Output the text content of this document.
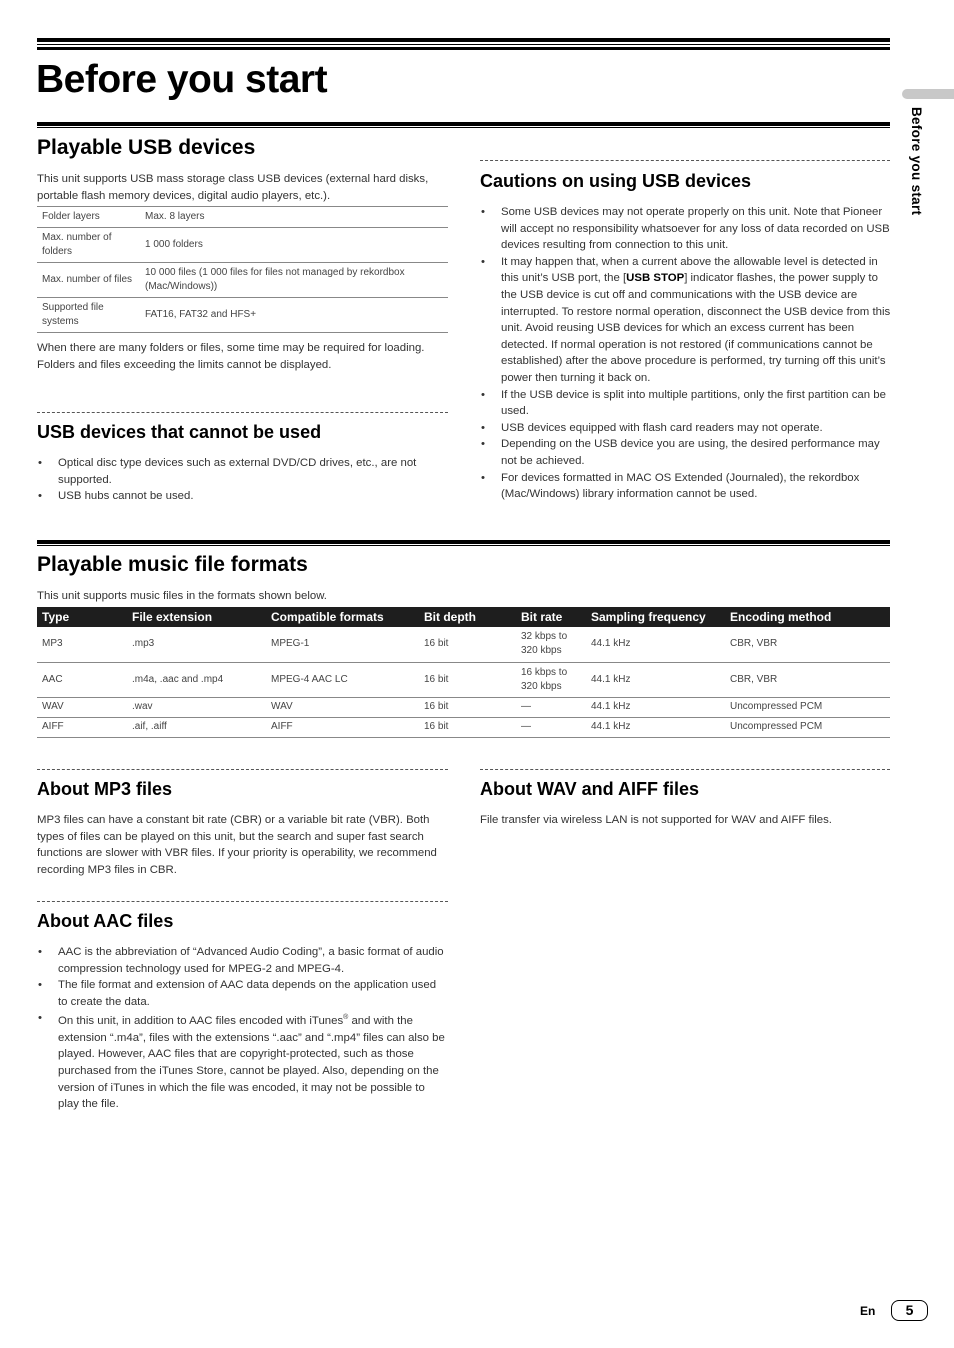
Before you start
Before you start
Playable USB devices

This unit supports USB mass storage class USB devices (external hard disks, portable flash memory devices, digital audio players, etc.).

Folder layers	Max. 8 layers
Max. number of folders	1 000 folders
Max. number of files	10 000 files (1 000 files for files not managed by rekordbox (Mac/Windows))
Supported file systems	FAT16, FAT32 and HFS+

When there are many folders or files, some time may be required for loading.

Folders and files exceeding the limits cannot be displayed.

USB devices that cannot be used
• Optical disc type devices such as external DVD/CD drives, etc., are not supported.
• USB hubs cannot be used.
Cautions on using USB devices
• Some USB devices may not operate properly on this unit. Note that Pioneer will accept no responsibility whatsoever for any loss of data recorded on USB devices resulting from connection to this unit.
• It may happen that, when a current above the allowable level is detected in this unit’s USB port, the [USB STOP] indicator flashes, the power supply to the USB device is cut off and communications with the USB device are interrupted. To restore normal operation, disconnect the USB device from this unit. Avoid reusing USB devices for which an excess current has been detected. If normal operation is not restored (if communications cannot be established) after the above procedure is performed, try turning off this unit’s power then turning it back on.
• If the USB device is split into multiple partitions, only the first partition can be used.
• USB devices equipped with flash card readers may not operate.
• Depending on the USB device you are using, the desired performance may not be achieved.
• For devices formatted in MAC OS Extended (Journaled), the rekordbox (Mac/Windows) library information cannot be used.
Playable music file formats

This unit supports music files in the formats shown below.

Type	File extension	Compatible formats	Bit depth	Bit rate	Sampling frequency	Encoding method
MP3	.mp3	MPEG-1	16 bit	32 kbps to 320 kbps	44.1 kHz	CBR, VBR
AAC	.m4a, .aac and .mp4	MPEG-4 AAC LC	16 bit	16 kbps to 320 kbps	44.1 kHz	CBR, VBR
WAV	.wav	WAV	16 bit	—	44.1 kHz	Uncompressed PCM
AIFF	.aif, .aiff	AIFF	16 bit	—	44.1 kHz	Uncompressed PCM
About MP3 files

MP3 files can have a constant bit rate (CBR) or a variable bit rate (VBR). Both types of files can be played on this unit, but the search and super fast search functions are slower with VBR files. If your priority is operability, we recommend recording MP3 files in CBR.

About AAC files
• AAC is the abbreviation of “Advanced Audio Coding”, a basic format of audio compression technology used for MPEG-2 and MPEG-4.
• The file format and extension of AAC data depends on the application used to create the data.
• On this unit, in addition to AAC files encoded with iTunes® and with the extension “.m4a”, files with the extensions “.aac” and “.mp4” files can also be played. However, AAC files that are copyright-protected, such as those purchased from the iTunes Store, cannot be played. Also, depending on the version of iTunes in which the file was encoded, it may not be possible to play the file.
About WAV and AIFF files

File transfer via wireless LAN is not supported for WAV and AIFF files.

En	5
